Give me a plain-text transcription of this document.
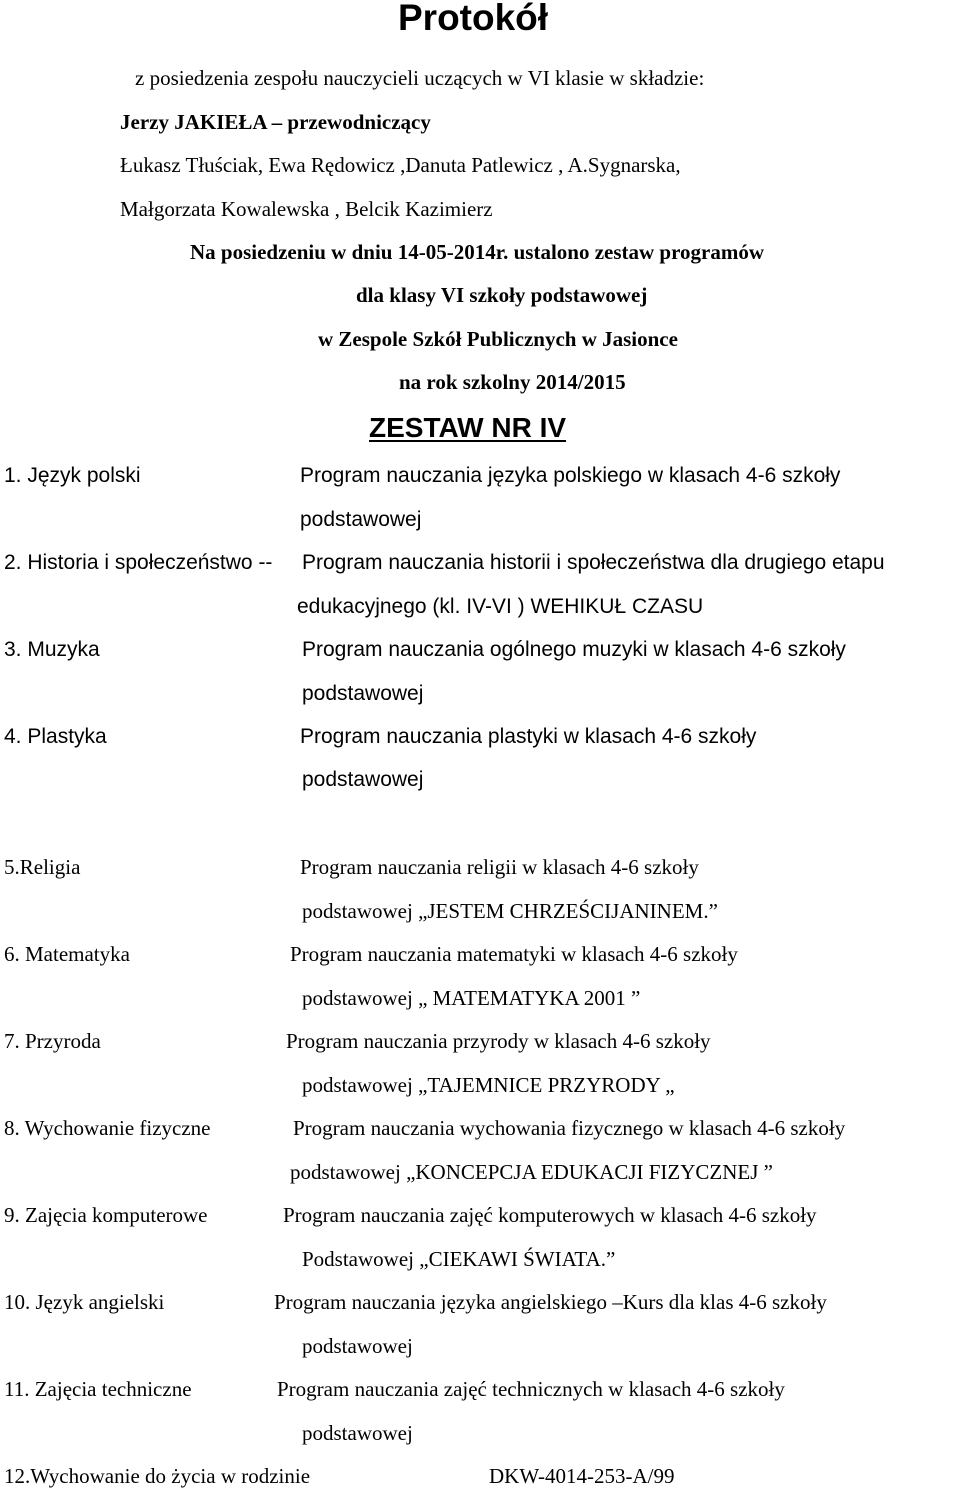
Protokół
z posiedzenia zespołu nauczycieli uczących w VI klasie w składzie:
Jerzy JAKIEŁA – przewodniczący
Łukasz Tłuściak, Ewa Rędowicz ,Danuta Patlewicz , A.Sygnarska,
Małgorzata Kowalewska , Belcik Kazimierz
Na posiedzeniu w dniu 14-05-2014r. ustalono zestaw programów
dla klasy VI szkoły podstawowej
w Zespole Szkół Publicznych w Jasionce
na rok szkolny 2014/2015
ZESTAW NR IV
1. Język polski	Program nauczania języka polskiego w klasach 4-6 szkoły
podstawowej
2. Historia i społeczeństwo -- Program nauczania historii i społeczeństwa dla drugiego etapu
edukacyjnego (kl. IV-VI ) WEHIKUŁ CZASU
3. Muzyka	Program nauczania ogólnego muzyki w klasach 4-6 szkoły
podstawowej
4. Plastyka	Program nauczania plastyki w klasach 4-6 szkoły
podstawowej
5.Religia	Program nauczania religii w klasach 4-6 szkoły
podstawowej „JESTEM CHRZEŚCIJANINEM.”
6. Matematyka	Program nauczania matematyki w klasach 4-6 szkoły
podstawowej „ MATEMATYKA 2001 ”
7. Przyroda	Program nauczania przyrody w klasach 4-6 szkoły
podstawowej „TAJEMNICE PRZYRODY „
8. Wychowanie fizyczne	Program nauczania wychowania fizycznego w klasach 4-6 szkoły
podstawowej „KONCEPCJA EDUKACJI FIZYCZNEJ ”
9. Zajęcia komputerowe	Program nauczania zajęć komputerowych w klasach 4-6 szkoły
Podstawowej „CIEKAWI ŚWIATA.”
10. Język angielski	Program nauczania języka angielskiego –Kurs dla klas 4-6 szkoły
podstawowej
11. Zajęcia techniczne	Program nauczania zajęć technicznych w klasach 4-6 szkoły
podstawowej
12.Wychowanie do życia w rodzinie	DKW-4014-253-A/99
